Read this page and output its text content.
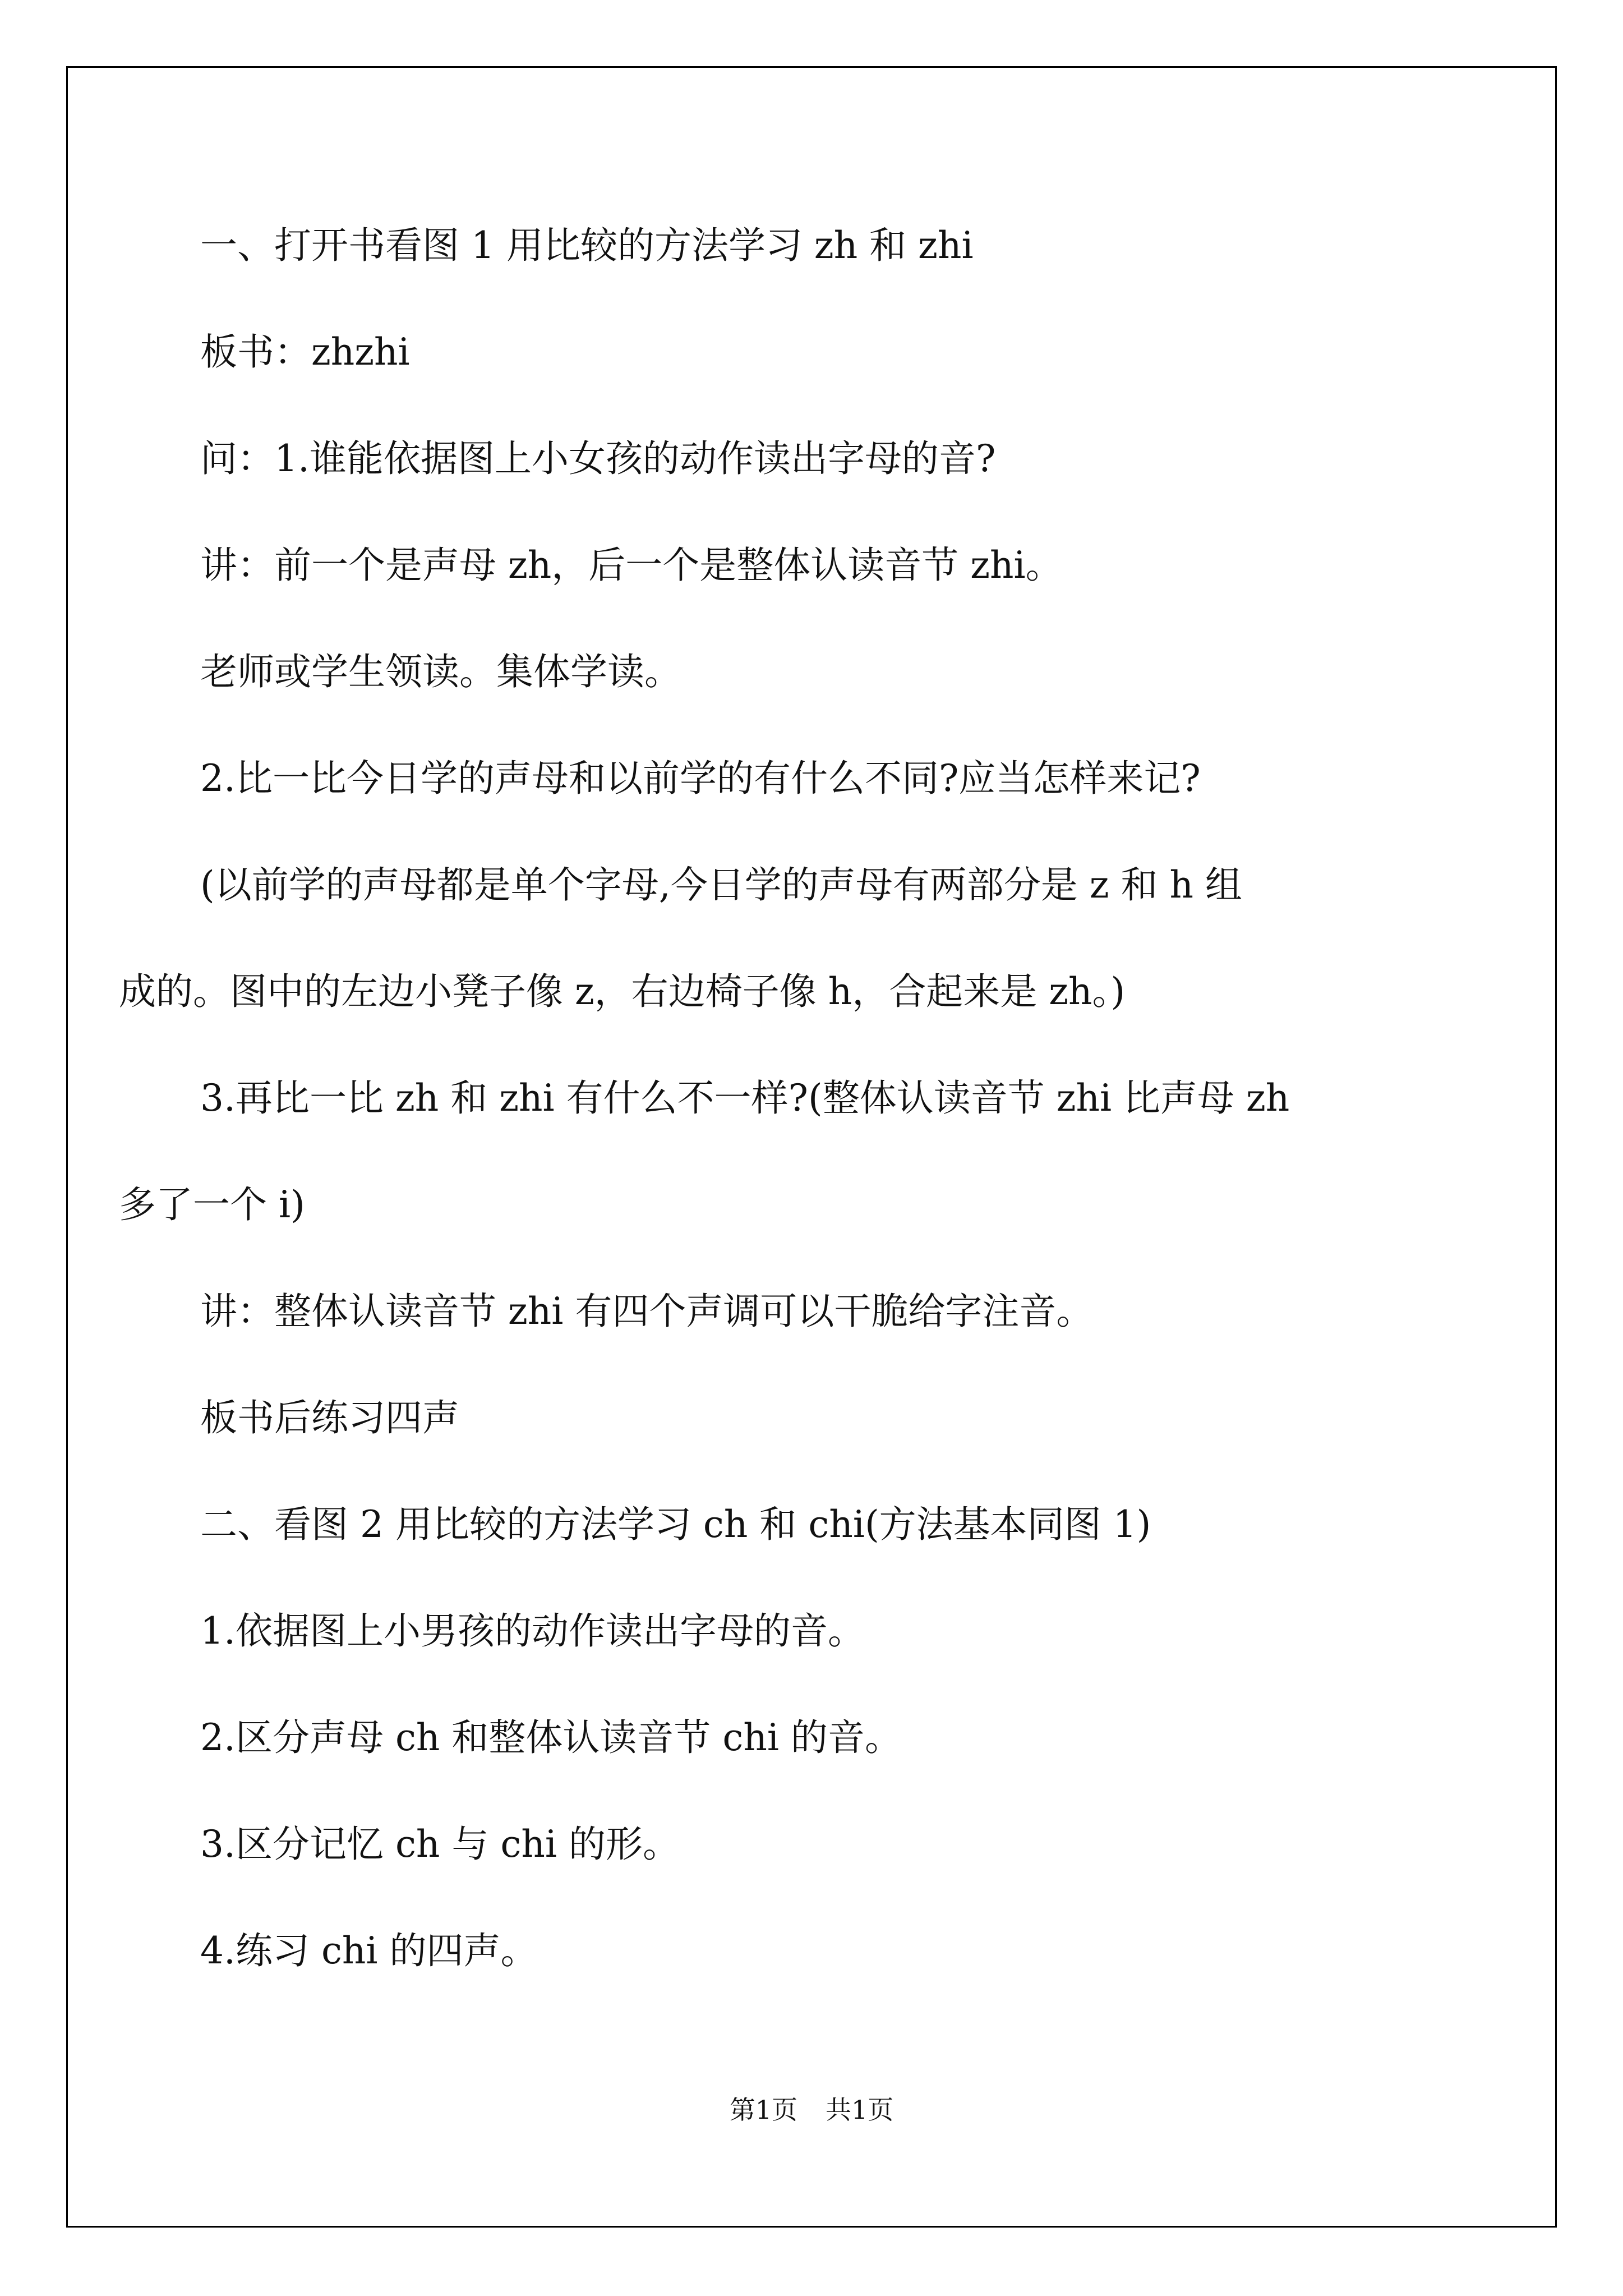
一、打开书看图 1 用比较的方法学习 zh 和 zhi

板书：zhzhi

问：1.谁能依据图上小女孩的动作读出字母的音?

讲：前一个是声母 zh，后一个是整体认读音节 zhi。

老师或学生领读。集体学读。

2.比一比今日学的声母和以前学的有什么不同?应当怎样来记?

(以前学的声母都是单个字母,今日学的声母有两部分是 z 和 h 组
成的。图中的左边小凳子像 z，右边椅子像 h，合起来是 zh。)
3.再比一比 zh 和 zhi 有什么不一样?(整体认读音节 zhi 比声母 zh
多了一个 i)

讲：整体认读音节 zhi 有四个声调可以干脆给字注音。

板书后练习四声

二、看图 2 用比较的方法学习 ch 和 chi(方法基本同图 1)

1.依据图上小男孩的动作读出字母的音。

2.区分声母 ch 和整体认读音节 chi 的音。

3.区分记忆 ch 与 chi 的形。

4.练习 chi 的四声。

第1页 共1页
